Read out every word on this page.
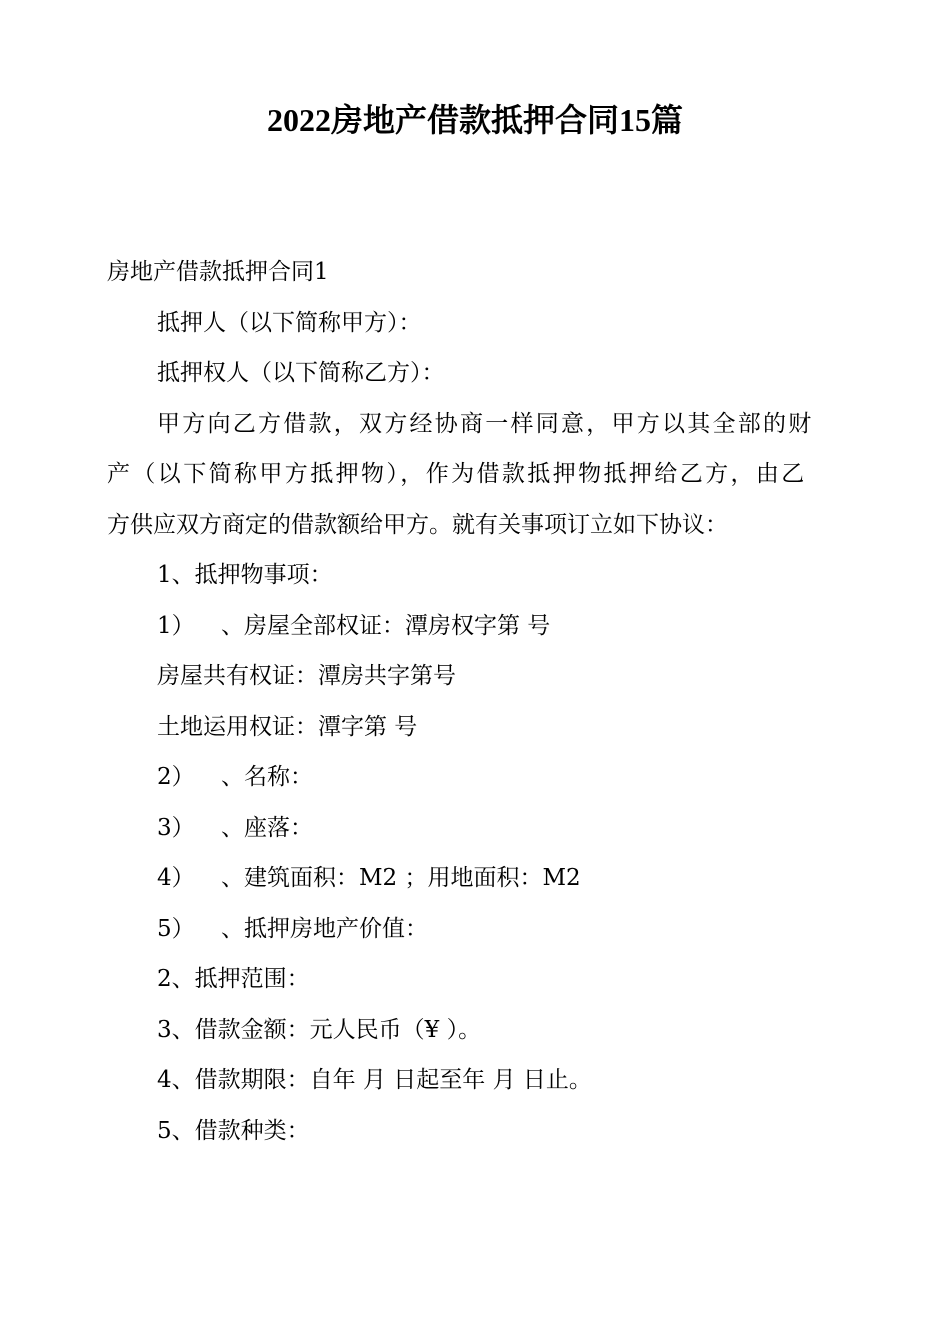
2022房地产借款抵押合同15篇

房地产借款抵押合同1

抵押人（以下简称甲方）：

抵押权人（以下简称乙方）：

甲方向乙方借款，双方经协商一样同意，甲方以其全部的财

产（以下简称甲方抵押物），作为借款抵押物抵押给乙方，由乙

方供应双方商定的借款额给甲方。就有关事项订立如下协议：

1、抵押物事项：

1） 、房屋全部权证：潭房权字第 号

房屋共有权证：潭房共字第号

土地运用权证：潭字第 号

2） 、名称：

3） 、座落：

4） 、建筑面积：M2 ；用地面积：M2

5） 、抵押房地产价值：

2、抵押范围：

3、借款金额：元人民币（¥ ）。

4、借款期限：自年 月 日起至年 月 日止。

5、借款种类：
